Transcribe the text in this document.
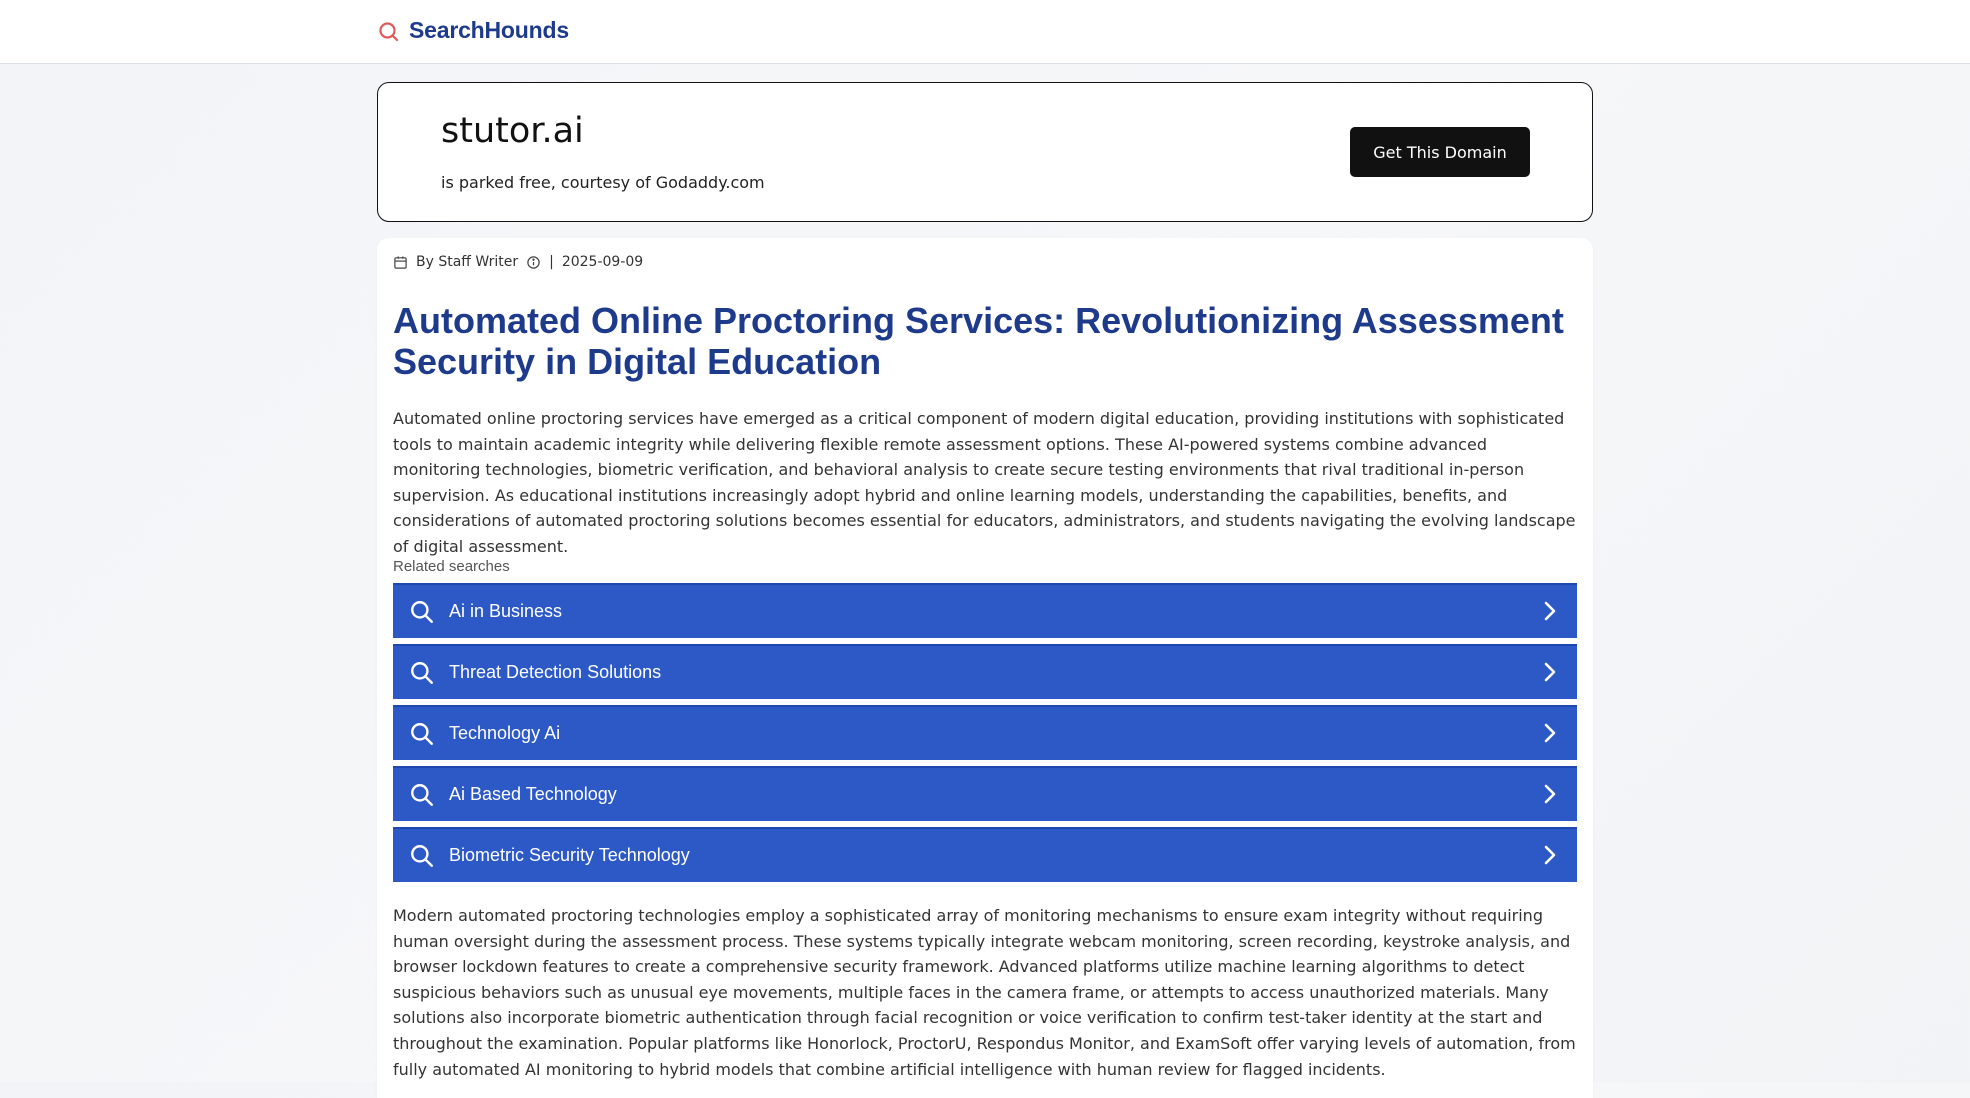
SearchHounds
stutor.ai
is parked free, courtesy of Godaddy.com
Get This Domain
By Staff Writer | 2025-09-09
Automated Online Proctoring Services: Revolutionizing Assessment Security in Digital Education

Automated online proctoring services have emerged as a critical component of modern digital education, providing institutions with sophisticated tools to maintain academic integrity while delivering flexible remote assessment options. These AI-powered systems combine advanced monitoring technologies, biometric verification, and behavioral analysis to create secure testing environments that rival traditional in-person supervision. As educational institutions increasingly adopt hybrid and online learning models, understanding the capabilities, benefits, and considerations of automated proctoring solutions becomes essential for educators, administrators, and students navigating the evolving landscape of digital assessment.

Related searches
Ai in Business
Threat Detection Solutions
Technology Ai
Ai Based Technology
Biometric Security Technology

Modern automated proctoring technologies employ a sophisticated array of monitoring mechanisms to ensure exam integrity without requiring human oversight during the assessment process. These systems typically integrate webcam monitoring, screen recording, keystroke analysis, and browser lockdown features to create a comprehensive security framework. Advanced platforms utilize machine learning algorithms to detect suspicious behaviors such as unusual eye movements, multiple faces in the camera frame, or attempts to access unauthorized materials. Many solutions also incorporate biometric authentication through facial recognition or voice verification to confirm test-taker identity at the start and throughout the examination. Popular platforms like Honorlock, ProctorU, Respondus Monitor, and ExamSoft offer varying levels of automation, from fully automated AI monitoring to hybrid models that combine artificial intelligence with human review for flagged incidents.
